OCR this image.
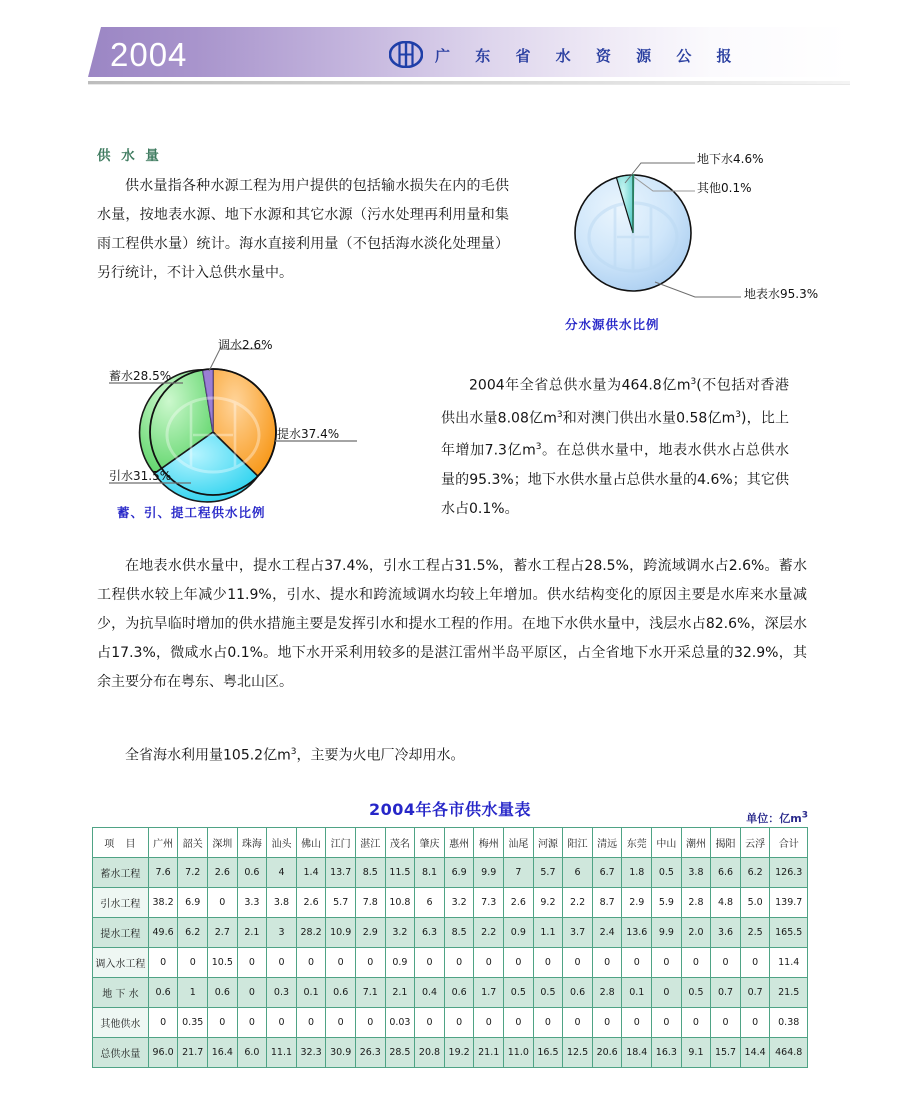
2004	广 东 省 水 资 源 公 报
供 水 量
供水量指各种水源工程为用户提供的包括输水损失在内的毛供水量，按地表水源、地下水源和其它水源（污水处理再利用量和集雨工程供水量）统计。海水直接利用量（不包括海水淡化处理量）另行统计，不计入总供水量中。
地下水4.6%
其他0.1%
地表水95.3%
分水源供水比例
调水2.6%
蓄水28.5%
引水31.5%
提水37.4%
蓄、引、提工程供水比例
2004年全省总供水量为464.8亿$m^3$(不包括对香港供出水量8.08亿$m^3$和对澳门供出水量0.58亿$m^3$)，比上年增加7.3亿$m^3$。在总供水量中，地表水供水占总供水量的95.3%；地下水供水量占总供水量的4.6%；其它供水占0.1%。
在地表水供水量中，提水工程占37.4%，引水工程占31.5%，蓄水工程占28.5%，跨流域调水占2.6%。蓄水工程供水较上年减少11.9%，引水、提水和跨流域调水均较上年增加。供水结构变化的原因主要是水库来水量减少，为抗旱临时增加的供水措施主要是发挥引水和提水工程的作用。在地下水供水量中，浅层水占82.6%，深层水占17.3%，微咸水占0.1%。地下水开采利用较多的是湛江雷州半岛平原区，占全省地下水开采总量的32.9%，其余主要分布在粤东、粤北山区。
全省海水利用量105.2亿$m^3$，主要为火电厂冷却用水。
2004年各市供水量表	单位：亿$m^3$
项 目	广州	韶关	深圳	珠海	汕头	佛山	江门	湛江	茂名	肇庆	惠州	梅州	汕尾	河源	阳江	清远	东莞	中山	潮州	揭阳	云浮	合计
蓄水工程	7.6	7.2	2.6	0.6	4	1.4	13.7	8.5	11.5	8.1	6.9	9.9	7	5.7	6	6.7	1.8	0.5	3.8	6.6	6.2	126.3
引水工程	38.2	6.9	0	3.3	3.8	2.6	5.7	7.8	10.8	6	3.2	7.3	2.6	9.2	2.2	8.7	2.9	5.9	2.8	4.8	5.0	139.7
提水工程	49.6	6.2	2.7	2.1	3	28.2	10.9	2.9	3.2	6.3	8.5	2.2	0.9	1.1	3.7	2.4	13.6	9.9	2.0	3.6	2.5	165.5
调入水工程	0	0	10.5	0	0	0	0	0	0.9	0	0	0	0	0	0	0	0	0	0	0	0	11.4
地 下 水	0.6	1	0.6	0	0.3	0.1	0.6	7.1	2.1	0.4	0.6	1.7	0.5	0.5	0.6	2.8	0.1	0	0.5	0.7	0.7	21.5
其他供水	0	0.35	0	0	0	0	0	0	0.03	0	0	0	0	0	0	0	0	0	0	0	0	0.38
总供水量	96.0	21.7	16.4	6.0	11.1	32.3	30.9	26.3	28.5	20.8	19.2	21.1	11.0	16.5	12.5	20.6	18.4	16.3	9.1	15.7	14.4	464.8
